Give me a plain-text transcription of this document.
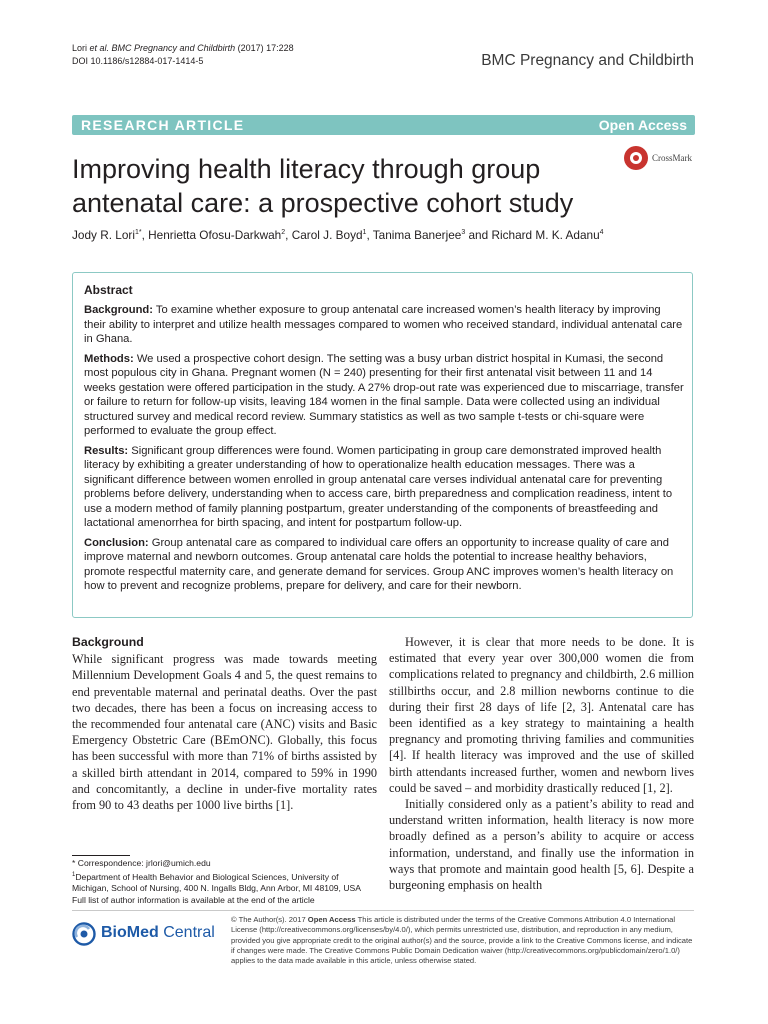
Lori et al. BMC Pregnancy and Childbirth (2017) 17:228
DOI 10.1186/s12884-017-1414-5	BMC Pregnancy and Childbirth
RESEARCH ARTICLE	Open Access
Improving health literacy through group antenatal care: a prospective cohort study
CrossMark
Jody R. Lori$^{1*}$, Henrietta Ofosu-Darkwah$^2$, Carol J. Boyd$^1$, Tanima Banerjee$^3$ and Richard M. K. Adanu$^4$
Abstract

Background: To examine whether exposure to group antenatal care increased women’s health literacy by improving their ability to interpret and utilize health messages compared to women who received standard, individual antenatal care in Ghana.

Methods: We used a prospective cohort design. The setting was a busy urban district hospital in Kumasi, the second most populous city in Ghana. Pregnant women (N = 240) presenting for their first antenatal visit between 11 and 14 weeks gestation were offered participation in the study. A 27% drop-out rate was experienced due to miscarriage, transfer or failure to return for follow-up visits, leaving 184 women in the final sample. Data were collected using an individual structured survey and medical record review. Summary statistics as well as two sample t-tests or chi-square were performed to evaluate the group effect.

Results: Significant group differences were found. Women participating in group care demonstrated improved health literacy by exhibiting a greater understanding of how to operationalize health education messages. There was a significant difference between women enrolled in group antenatal care verses individual antenatal care for preventing problems before delivery, understanding when to access care, birth preparedness and complication readiness, intent to use a modern method of family planning postpartum, greater understanding of the components of breastfeeding and lactational amenorrhea for birth spacing, and intent for postpartum follow-up.

Conclusion: Group antenatal care as compared to individual care offers an opportunity to increase quality of care and improve maternal and newborn outcomes. Group antenatal care holds the potential to increase healthy behaviors, promote respectful maternity care, and generate demand for services. Group ANC improves women’s health literacy on how to prevent and recognize problems, prepare for delivery, and care for their newborn.

Background

While significant progress was made towards meeting Millennium Development Goals 4 and 5, the quest remains to end preventable maternal and perinatal deaths. Over the past two decades, there has been a focus on increasing access to the recommended four antenatal care (ANC) visits and Basic Emergency Obstetric Care (BEmONC). Globally, this focus has been successful with more than 71% of births assisted by a skilled birth attendant in 2014, compared to 59% in 1990 and concomitantly, a decline in under-five mortality rates from 90 to 43 deaths per 1000 live births [1].

However, it is clear that more needs to be done. It is estimated that every year over 300,000 women die from complications related to pregnancy and childbirth, 2.6 million stillbirths occur, and 2.8 million newborns continue to die during their first 28 days of life [2, 3]. Antenatal care has been identified as a key strategy to maintaining a health pregnancy and promoting thriving families and communities [4]. If health literacy was improved and the use of skilled birth attendants increased further, women and newborn lives could be saved – and morbidity drastically reduced [1, 2].

Initially considered only as a patient’s ability to read and understand written information, health literacy is now more broadly defined as a person’s ability to acquire or access information, understand, and finally use the information in ways that promote and maintain good health [5, 6]. Despite a burgeoning emphasis on health

* Correspondence: jrlori@umich.edu

$^1$Department of Health Behavior and Biological Sciences, University of Michigan, School of Nursing, 400 N. Ingalls Bldg, Ann Arbor, MI 48109, USA

Full list of author information is available at the end of the article

BioMed Central
© The Author(s). 2017 Open Access This article is distributed under the terms of the Creative Commons Attribution 4.0 International License (http://creativecommons.org/licenses/by/4.0/), which permits unrestricted use, distribution, and reproduction in any medium, provided you give appropriate credit to the original author(s) and the source, provide a link to the Creative Commons license, and indicate if changes were made. The Creative Commons Public Domain Dedication waiver (http://creativecommons.org/publicdomain/zero/1.0/) applies to the data made available in this article, unless otherwise stated.
